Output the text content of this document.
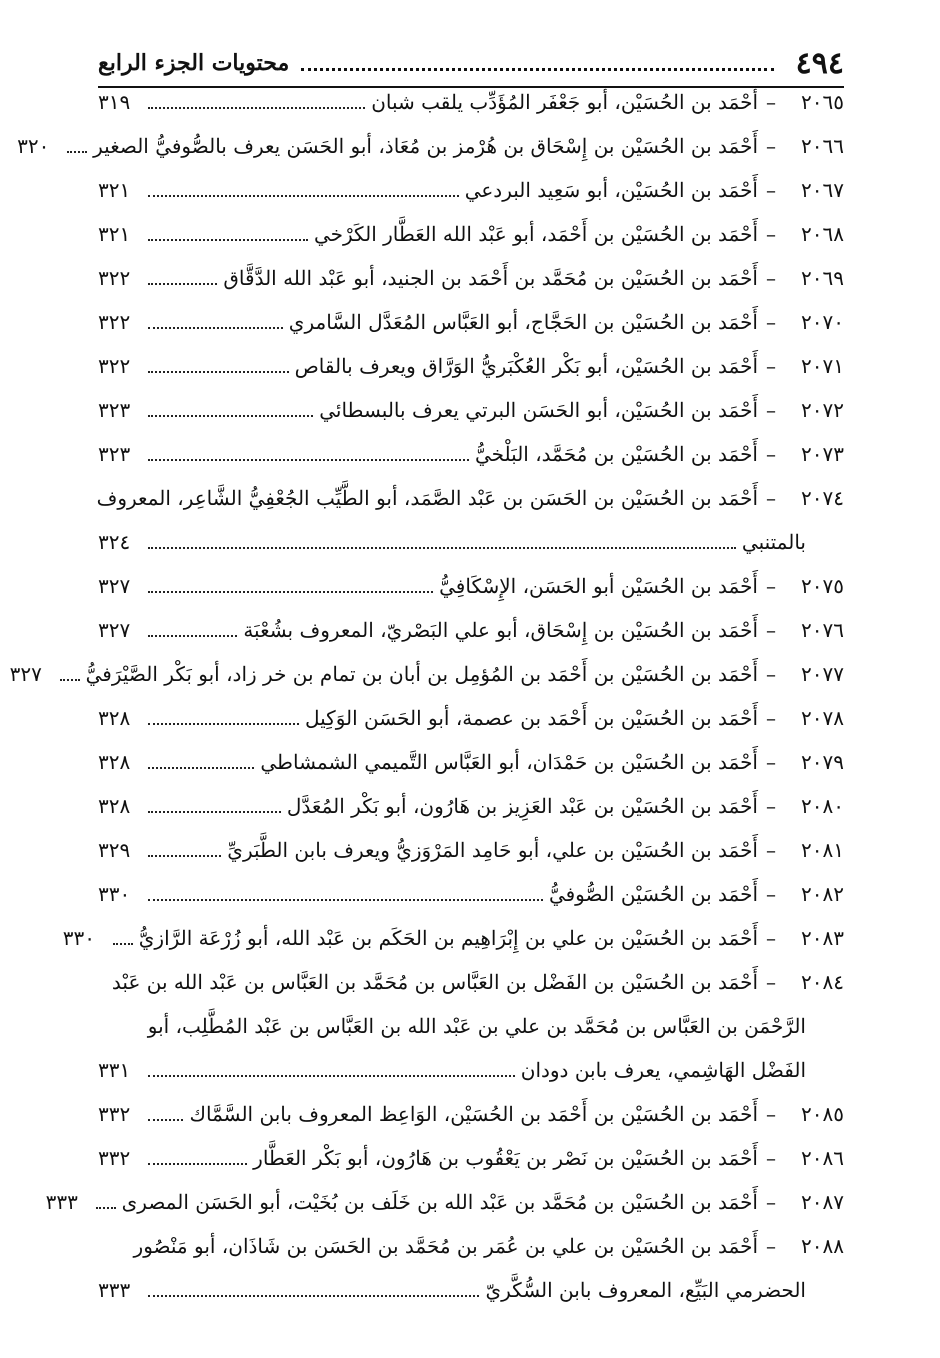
٤٩٤
محتويات الجزء الرابع
٢٠٦٥
–
أَحْمَد بن الحُسَيْن، أبو جَعْفَر المُؤَدِّب يلقب شبان
٣١٩
٢٠٦٦
–
أَحْمَد بن الحُسَيْن بن إِسْحَاق بن هُرْمز بن مُعَاذ، أبو الحَسَن يعرف بالصُّوفيُّ الصغير
٣٢٠
٢٠٦٧
–
أَحْمَد بن الحُسَيْن، أبو سَعِيد البردعي
٣٢١
٢٠٦٨
–
أَحْمَد بن الحُسَيْن بن أَحْمَد، أبو عَبْد الله العَطَّار الكَرْخي
٣٢١
٢٠٦٩
–
أَحْمَد بن الحُسَيْن بن مُحَمَّد بن أَحْمَد بن الجنيد، أبو عَبْد الله الدَّقَّاق
٣٢٢
٢٠٧٠
–
أَحْمَد بن الحُسَيْن بن الحَجَّاج، أبو العَبَّاس المُعَدَّل السَّامري
٣٢٢
٢٠٧١
–
أَحْمَد بن الحُسَيْن، أبو بَكْر العُكْبَريُّ الوَرَّاق ويعرف بالقاص
٣٢٢
٢٠٧٢
–
أَحْمَد بن الحُسَيْن، أبو الحَسَن البرتي يعرف بالبسطائي
٣٢٣
٢٠٧٣
–
أَحْمَد بن الحُسَيْن بن مُحَمَّد، البَلْخيُّ
٣٢٣
٢٠٧٤
–
أَحْمَد بن الحُسَيْن بن الحَسَن بن عَبْد الصَّمَد، أبو الطَّيِّب الجُعْفِيُّ الشَّاعِر، المعروف
بالمتنبي
٣٢٤
٢٠٧٥
–
أَحْمَد بن الحُسَيْن أبو الحَسَن، الإِسْكَافِيُّ
٣٢٧
٢٠٧٦
–
أَحْمَد بن الحُسَيْن بن إِسْحَاق، أبو علي البَصْريّ، المعروف بشُعْبَة
٣٢٧
٢٠٧٧
–
أَحْمَد بن الحُسَيْن بن أَحْمَد بن المُؤمِل بن أبان بن تمام بن خر زاد، أبو بَكْر الصَّيْرَفيُّ
٣٢٧
٢٠٧٨
–
أَحْمَد بن الحُسَيْن بن أَحْمَد بن عصمة، أبو الحَسَن الوَكِيل
٣٢٨
٢٠٧٩
–
أَحْمَد بن الحُسَيْن بن حَمْدَان، أبو العَبَّاس التَّميمي الشمشاطي
٣٢٨
٢٠٨٠
–
أَحْمَد بن الحُسَيْن بن عَبْد العَزِيز بن هَارُون، أبو بَكْر المُعَدَّل
٣٢٨
٢٠٨١
–
أَحْمَد بن الحُسَيْن بن علي، أبو حَامِد المَرْوَزيُّ ويعرف بابن الطَّبَريِّ
٣٢٩
٢٠٨٢
–
أَحْمَد بن الحُسَيْن الصُّوفيُّ
٣٣٠
٢٠٨٣
–
أَحْمَد بن الحُسَيْن بن علي بن إِبْرَاهِيم بن الحَكَم بن عَبْد الله، أبو زُرْعَة الرَّازيُّ
٣٣٠
٢٠٨٤
–
أَحْمَد بن الحُسَيْن بن الفَضْل بن العَبَّاس بن مُحَمَّد بن العَبَّاس بن عَبْد الله بن عَبْد
الرَّحْمَن بن العَبَّاس بن مُحَمَّد بن علي بن عَبْد الله بن العَبَّاس بن عَبْد المُطَّلِب، أبو
الفَضْل الهَاشِمي، يعرف بابن دودان
٣٣١
٢٠٨٥
–
أَحْمَد بن الحُسَيْن بن أَحْمَد بن الحُسَيْن، الوَاعِظ المعروف بابن السَّمَّاك
٣٣٢
٢٠٨٦
–
أَحْمَد بن الحُسَيْن بن نَصْر بن يَعْقُوب بن هَارُون، أبو بَكْر العَطَّار
٣٣٢
٢٠٨٧
–
أَحْمَد بن الحُسَيْن بن مُحَمَّد بن عَبْد الله بن خَلَف بن بُخَيْت، أبو الحَسَن المصرى
٣٣٣
٢٠٨٨
–
أَحْمَد بن الحُسَيْن بن علي بن عُمَر بن مُحَمَّد بن الحَسَن بن شَاذَان، أبو مَنْصُور
الحضرمي البَيِّع، المعروف بابن السُّكَّريّ
٣٣٣
